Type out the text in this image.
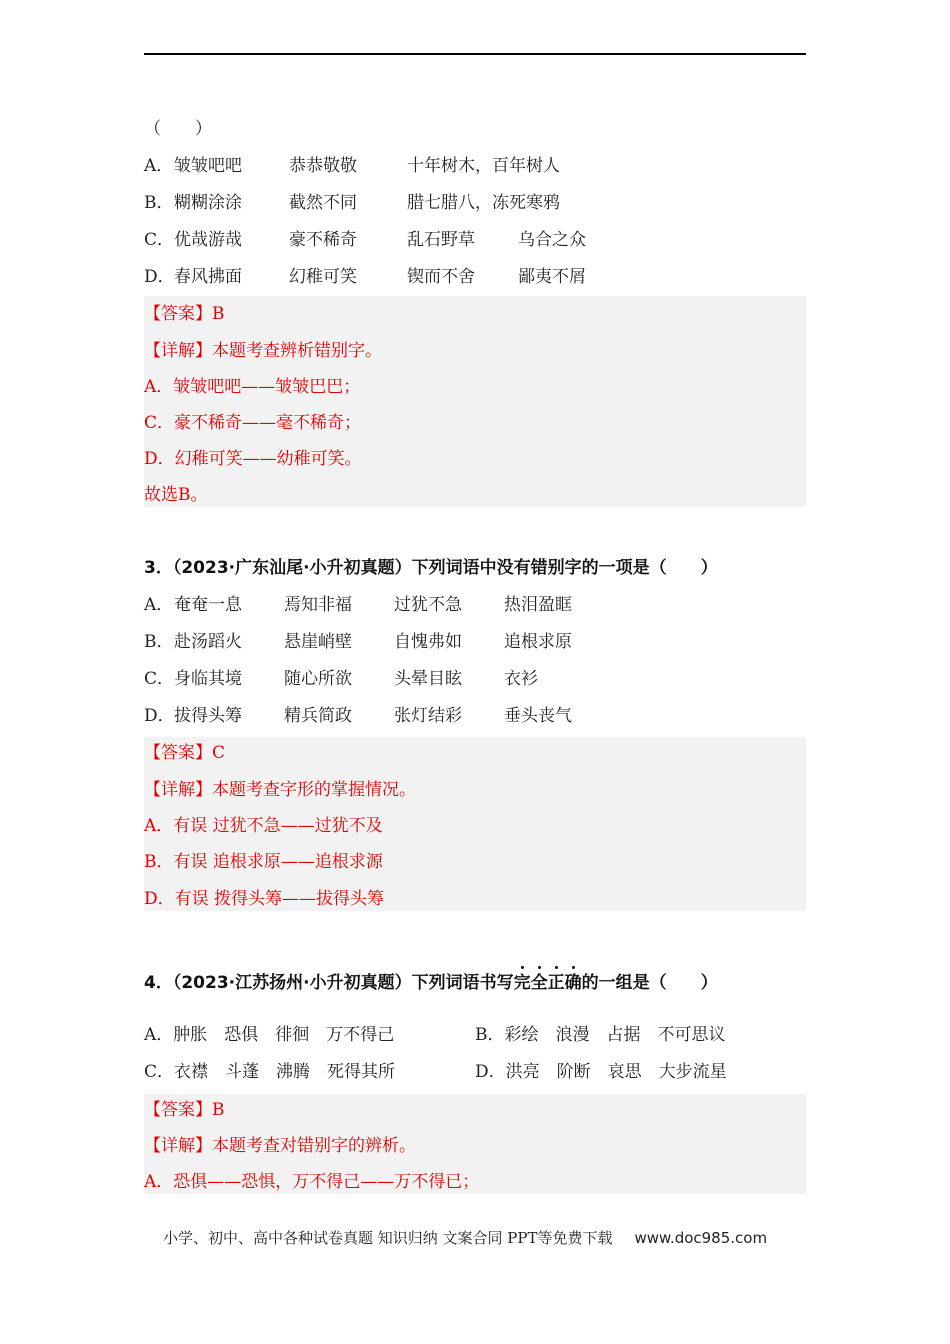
（　　）
A． 皱皱吧吧	恭恭敬敬	十年树木，百年树人
B． 糊糊涂涂	截然不同	腊七腊八，冻死寒鸦
C． 优哉游哉	豪不稀奇	乱石野草	乌合之众
D． 春风拂面	幻稚可笑	锲而不舍	鄙夷不屑
【答案】B
【详解】本题考查辨析错别字。
A．皱皱吧吧——皱皱巴巴；
C．豪不稀奇——毫不稀奇；
D．幻稚可笑——幼稚可笑。
故选B。
3．（2023·广东汕尾·小升初真题）下列词语中没有错别字的一项是（　　）
A． 奄奄一息 焉知非福 过犹不急 热泪盈眶
B． 赴汤蹈火 悬崖峭壁 自愧弗如 追根求原
C． 身临其境 随心所欲 头晕目眩 衣衫
D． 拔得头筹 精兵简政 张灯结彩 垂头丧气
【答案】C
【详解】本题考查字形的掌握情况。
A．有误 过犹不急——过犹不及
B．有误 追根求原——追根求源
D．有误 拨得头筹——拔得头筹
4．（2023·江苏扬州·小升初真题）下列词语书写完全正确的一组是（　　）
A．肿胀　恐俱　徘徊　万不得己	B．彩绘　浪漫　占据　不可思议
C．衣襟　斗蓬　沸腾　死得其所	D．洪亮　阶断　哀思　大步流星
【答案】B
【详解】本题考查对错别字的辨析。
A．恐俱——恐惧，万不得己——万不得已；
小学、初中、高中各种试卷真题 知识归纳 文案合同 PPT等免费下载 www.doc985.com
